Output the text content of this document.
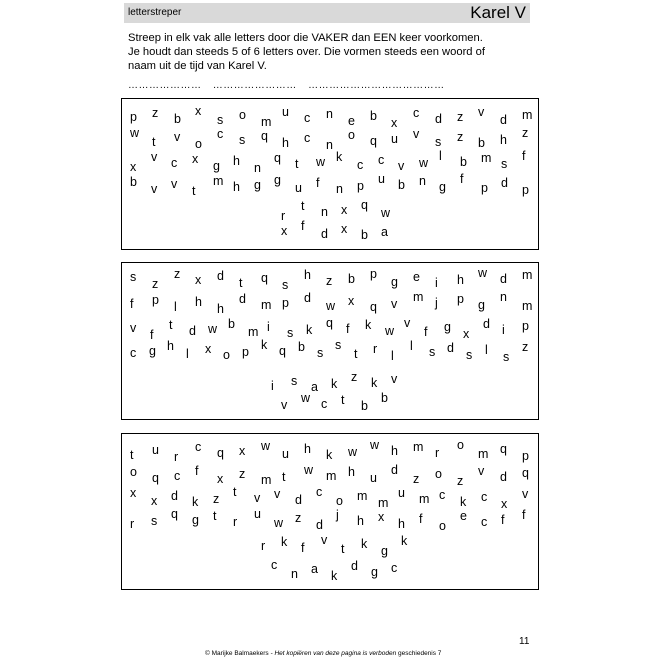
letterstreper	Karel V
Streep in elk vak alle letters door die VAKER dan EEN keer voorkomen.
Je houdt dan steeds 5 of 6 letters over. Die vormen steeds een woord of
naam uit de tijd van Karel V.
………………… …………………… …………………………………
p z b
x
s o m
u c n e b x
c d z v
d m
w
t v o
c s q h c n
o q u v
s z b h z
x
v c x g h n
q t w k
c c v w l b m s
f
b v v t
m h g g
u f n p u b n g
f
p d p
r
t n x q
w
x f
d x b a
s z
z x d t q s
h z b p
g e i h w d m
f p l h h
d m p d
w x q v m j p g
n
m
v f
t d w b
m i s k q f k w
v
f g x
d i p
c g h
l x o p k q b s
s
t r l
l s d s l s
z
i s a k z k v
v w c t b
b
t u r
c q x w
u h k w w h m r
o
m q p
o q c f
x z m t w m h u
d
z o z
v d q
x
x d k z t v v d
c
o m m
u m c k c x
v
r s q g t r
u
w z d
j h x h f o
e c f f
r k f
v
t k g
k
c
n a k
d g c
11
© Marijke Balmaekers - Het kopiëren van deze pagina is verboden geschiedenis 7
